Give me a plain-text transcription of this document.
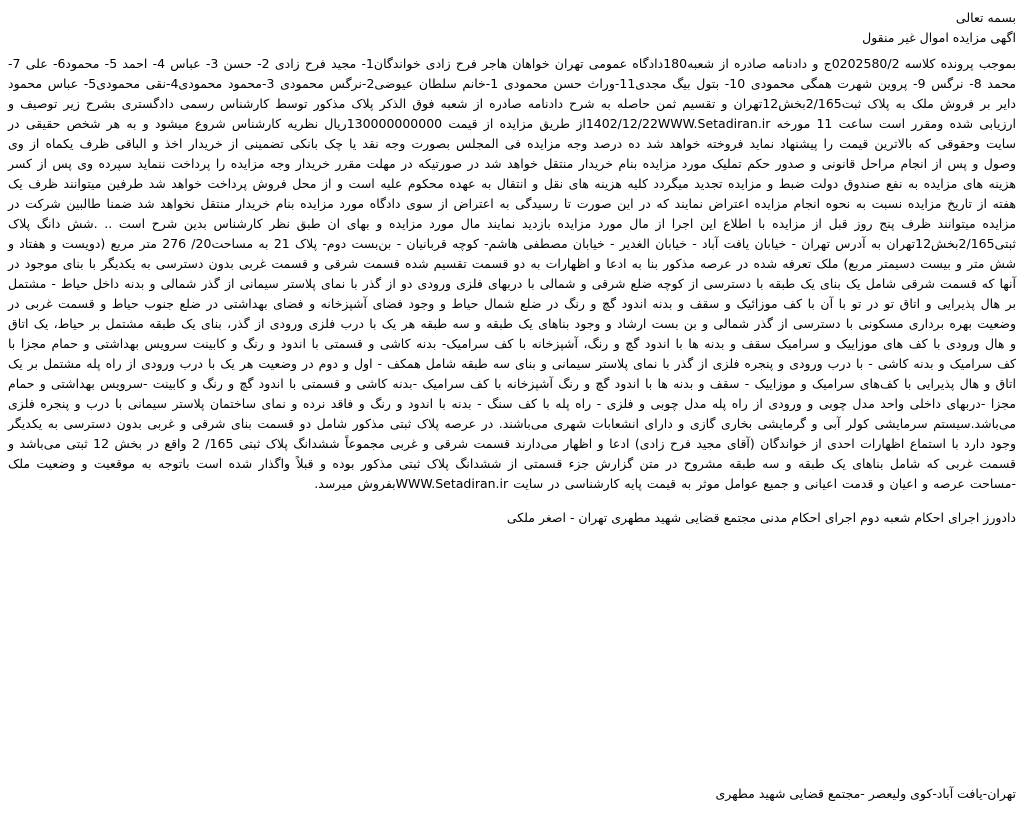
بسمه تعالی

اگهی مزایده اموال غیر منقول

بموجب پرونده کلاسه 0202580/2ج و دادنامه صادره از شعبه180دادگاه عمومی تهران خواهان هاجر فرح زادی خواندگان1- مجید فرح زادی 2- حسن 3- عباس 4- احمد 5- محمود6- علی 7- محمد 8- نرگس 9- پروین شهرت همگی محمودی 10- بتول بیگ مجدی11-وراث حسن محمودی 1-خانم سلطان عیوضی2-نرگس محمودی 3-محمود محمودی4-نقی محمودی5- عباس محمود دایر بر فروش ملک به پلاک ثبت2/165بخش12تهران و تقسیم ثمن حاصله به شرح دادنامه صادره از شعبه فوق الذکر پلاک مذکور توسط کارشناس رسمی دادگستری بشرح زیر توصیف و ارزیابی شده ومقرر است ساعت 11 مورخه 1402/12/22WWW.Setadiran.irاز طریق مزایده از قیمت 130000000000ریال نظریه کارشناس شروع میشود و به هر شخص حقیقی در سایت وحقوقی که بالاترین قیمت را پیشنهاد نماید فروخته خواهد شد ده درصد وجه مزایده فی المجلس بصورت وجه نقد یا چک بانکی تضمینی از خریدار اخذ و الباقی ظرف یکماه از وی وصول و پس از انجام مراحل قانونی و صدور حکم تملیک مورد مزایده بنام خریدار منتقل خواهد شد در صورتیکه در مهلت مقرر خریدار وجه مزایده را پرداخت ننماید سپرده وی پس از کسر هزینه های مزایده به نفع صندوق دولت ضبط و مزایده تجدید میگردد کلیه هزینه های نقل و انتقال به عهده محکوم علیه است و از محل فروش پرداخت خواهد شد طرفین میتوانند ظرف یک هفته از تاریخ مزایده نسبت به نحوه انجام مزایده اعتراض نمایند که در این صورت تا رسیدگی به اعتراض از سوی دادگاه مورد مزایده بنام خریدار منتقل نخواهد شد ضمنا طالبین شرکت در مزایده میتوانند ظرف پنج روز قبل از مزایده با اطلاع این اجرا از مال مورد مزایده بازدید نمایند مال مورد مزایده و بهای ان طبق نظر کارشناس بدین شرح است .. .شش دانگ پلاک ثبتی2/165بخش12تهران به آدرس تهران - خیابان یافت آباد - خیابان الغدیر - خیابان مصطفی هاشم- کوچه قربانیان - بن‌بست دوم- پلاک 21 به مساحت20/ 276 متر مربع (دویست و هفتاد و شش متر و بیست دسیمتر مربع) ملک تعرفه شده در عرصه مذکور بنا به ادعا و اظهارات به دو قسمت تقسیم شده قسمت شرقی و قسمت غربی بدون دسترسی به یکدیگر با بنای موجود در آنها که قسمت شرقی شامل یک بنای یک طبقه با دسترسی از کوچه ضلع شرقی و شمالی با دربهای فلزی ورودی دو از گذر با نمای پلاستر سیمانی از گذر شمالی و بدنه داخل حیاط - مشتمل بر هال پذیرایی و اتاق تو در تو با آن با کف موزائیک و سقف و بدنه اندود گچ و رنگ در ضلع شمال حیاط و وجود فضای آشپزخانه و فضای بهداشتی در ضلع جنوب حیاط و قسمت غربی در وضعیت بهره برداری مسکونی با دسترسی از گذر شمالی و بن بست ارشاد و وجود بناهای یک طبقه و سه طبقه هر یک با درب فلزی ورودی از گذر، بنای یک طبقه مشتمل بر حیاط، یک اتاق و هال ورودی با کف های موزاییک و سرامیک سقف و بدنه ها با اندود گچ و رنگ، آشپزخانه با کف سرامیک- بدنه کاشی و قسمتی با اندود و رنگ و کابینت سرویس بهداشتی و حمام مجزا با کف سرامیک و بدنه کاشی - با درب ورودی و پنجره فلزی از گذر با نمای پلاستر سیمانی و بنای سه طبقه شامل همکف - اول و دوم در وضعیت هر یک با درب ورودی از راه پله مشتمل بر یک اتاق و هال پذیرایی با کف‌های سرامیک و موزاییک - سقف و بدنه ها با اندود گچ و رنگ آشپزخانه با کف سرامیک -بدنه کاشی و قسمتی با اندود گچ و رنگ و کابینت -سرویس بهداشتی و حمام مجزا -دربهای داخلی واحد مدل چوبی و ورودی از راه پله مدل چوبی و فلزی - راه پله با کف سنگ - بدنه با اندود و رنگ و فاقد نرده و نمای ساختمان پلاستر سیمانی با درب و پنجره فلزی می‌باشد.سیستم سرمایشی کولر آبی و گرمایشی بخاری گازی و دارای انشعابات شهری می‌باشند. در عرصه پلاک ثبتی مذکور شامل دو قسمت بنای شرقی و غربی بدون دسترسی به یکدیگر وجود دارد با استماع اظهارات احدی از خواندگان (آقای مجید فرح زادی) ادعا و اظهار می‌دارند قسمت شرقی و غربی مجموعاً ششدانگ پلاک ثبتی 165/ 2 واقع در بخش 12 ثبتی می‌باشد و قسمت غربی که شامل بناهای یک طبقه و سه طبقه مشروح در متن گزارش جزء قسمتی از ششدانگ پلاک ثبتی مذکور بوده و قبلاً واگذار شده است باتوجه به موقعیت و وضعیت ملک -مساحت عرصه و اعیان و قدمت اعیانی و جمیع عوامل موثر به قیمت پایه کارشناسی در سایت WWW.Setadiran.irبفروش میرسد.

دادورز اجرای احکام شعبه دوم اجرای احکام مدنی مجتمع قضایی شهید مطهری تهران - اصغر ملکی

تهران-یافت آباد-کوی ولیعصر -مجتمع قضایی شهید مطهری
